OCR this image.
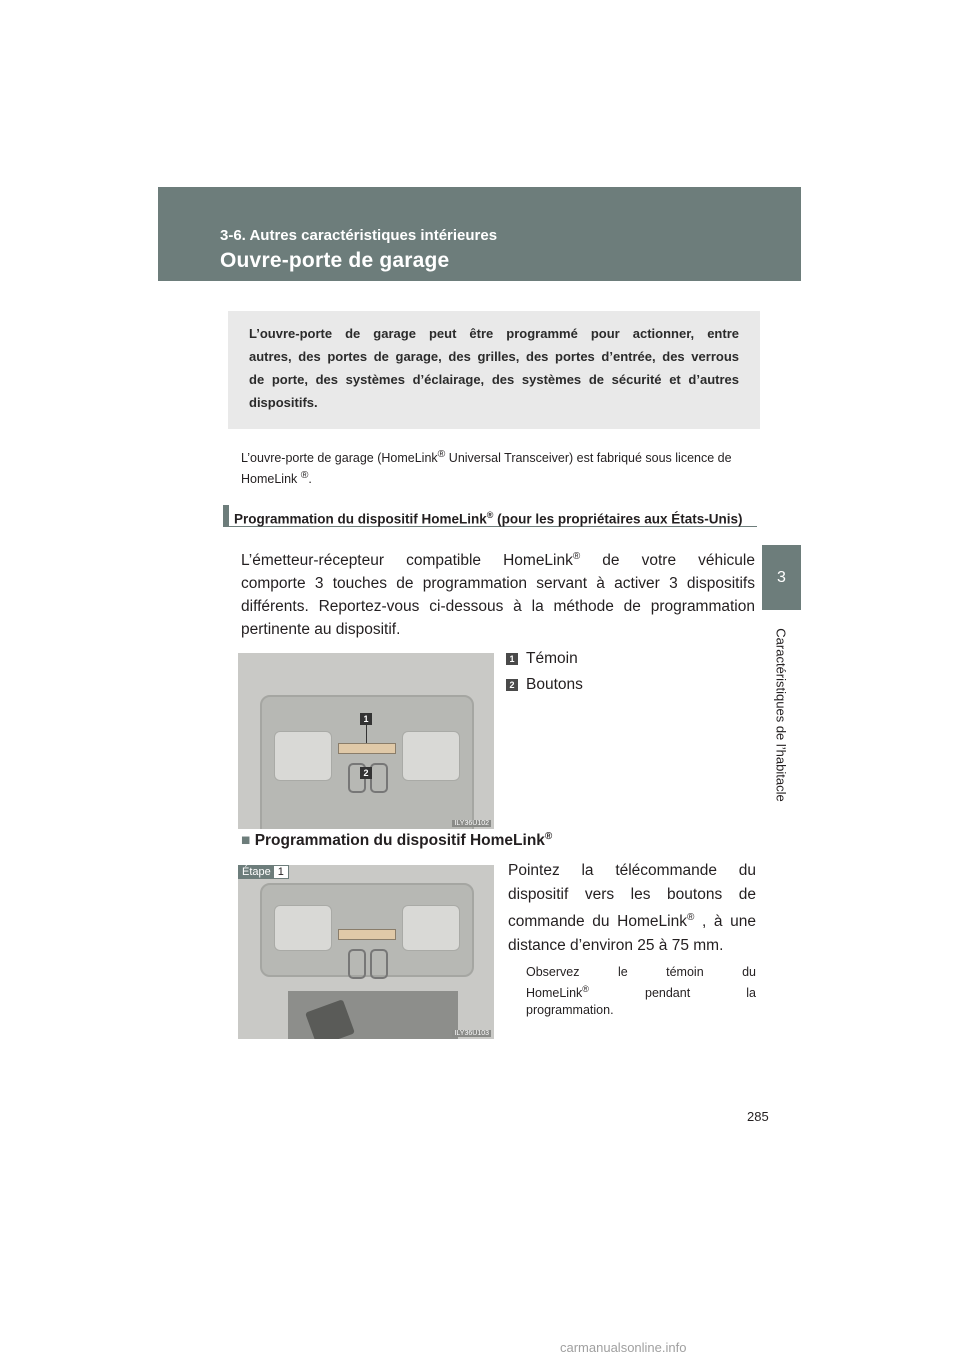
3-6. Autres caractéristiques intérieures
Ouvre-porte de garage
3
Caractéristiques de l’habitacle
L’ouvre-porte de garage peut être programmé pour actionner, entre
autres, des portes de garage, des grilles, des portes d’entrée, des verrous
de porte, des systèmes d’éclairage, des systèmes de sécurité et d’autres
dispositifs.
L’ouvre-porte de garage (HomeLink® Universal Transceiver) est fabriqué sous licence de HomeLink ®.
Programmation du dispositif HomeLink® (pour les propriétaires aux États-Unis)
L’émetteur-récepteur compatible HomeLink® de votre véhicule
comporte 3 touches de programmation servant à activer 3 dispositifs
différents. Reportez-vous ci-dessous à la méthode de programmation
pertinente au dispositif.
1 Témoin
2 Boutons
1
2
ILY36U102
■ Programmation du dispositif HomeLink®
ILY36U103
Étape 1	Pointez la télécommande du
dispositif vers les boutons de
commande du HomeLink® , à une
distance d’environ 25 à 75 mm.
Observez le témoin du
HomeLink® pendant la
programmation.
285
carmanualsonline.info
